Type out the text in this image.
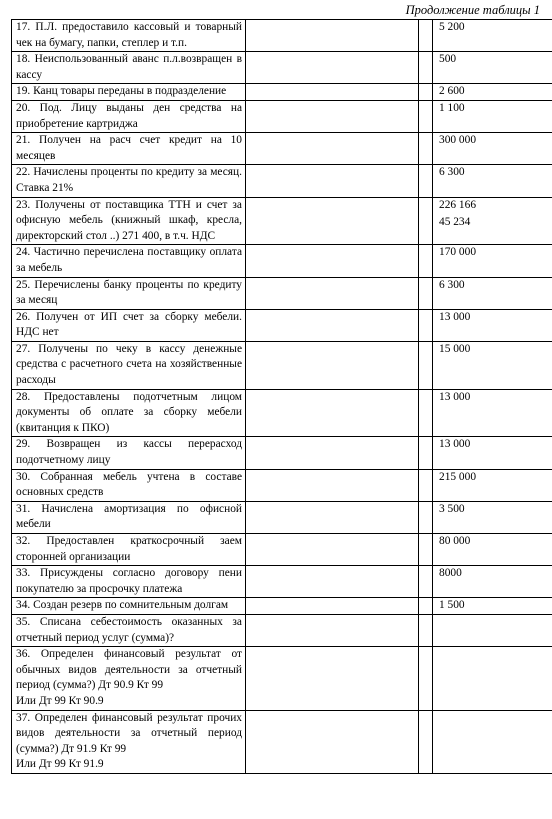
Продолжение таблицы 1
17. П.Л. предоставило кассовый и товарный чек на бумагу, папки, степлер и т.п.			5 200

18. Неиспользованный аванс п.л.возвращен в кассу			500

19. Канц товары переданы в подразделение			2 600

20. Под. Лицу выданы ден средства на приобретение картриджа			1 100

21. Получен на расч счет кредит на 10 месяцев			300 000

22. Начислены проценты по кредиту за месяц. Ставка 21%			6 300

23. Получены от поставщика ТТН и счет за офисную мебель (книжный шкаф, кресла, директорский стол ..) 271 400, в т.ч. НДС			226 166
45 234

24. Частично перечислена поставщику оплата за мебель			170 000

25. Перечислены банку проценты по кредиту за месяц			6 300

26. Получен от ИП счет за сборку мебели. НДС нет			13 000

27. Получены по чеку в кассу денежные средства с расчетного счета на хозяйственные расходы			15 000

28. Предоставлены подотчетным лицом документы об оплате за сборку мебели (квитанция к ПКО)			13 000

29. Возвращен из кассы перерасход подотчетному лицу			13 000

30. Собранная мебель учтена в составе основных средств			215 000

31. Начислена амортизация по офисной мебели			3 500

32. Предоставлен краткосрочный заем сторонней организации			80 000

33. Присуждены согласно договору пени покупателю за просрочку платежа			8000

34. Создан резерв по сомнительным долгам			1 500

35. Списана себестоимость оказанных за отчетный период услуг (сумма)?			

36. Определен финансовый результат от обычных видов деятельности за отчетный период (сумма?) Дт 90.9 Кт 99
Или Дт 99 Кт 90.9			

37. Определен финансовый результат прочих видов деятельности за отчетный период (сумма?) Дт 91.9 Кт 99
Или Дт 99 Кт 91.9			
